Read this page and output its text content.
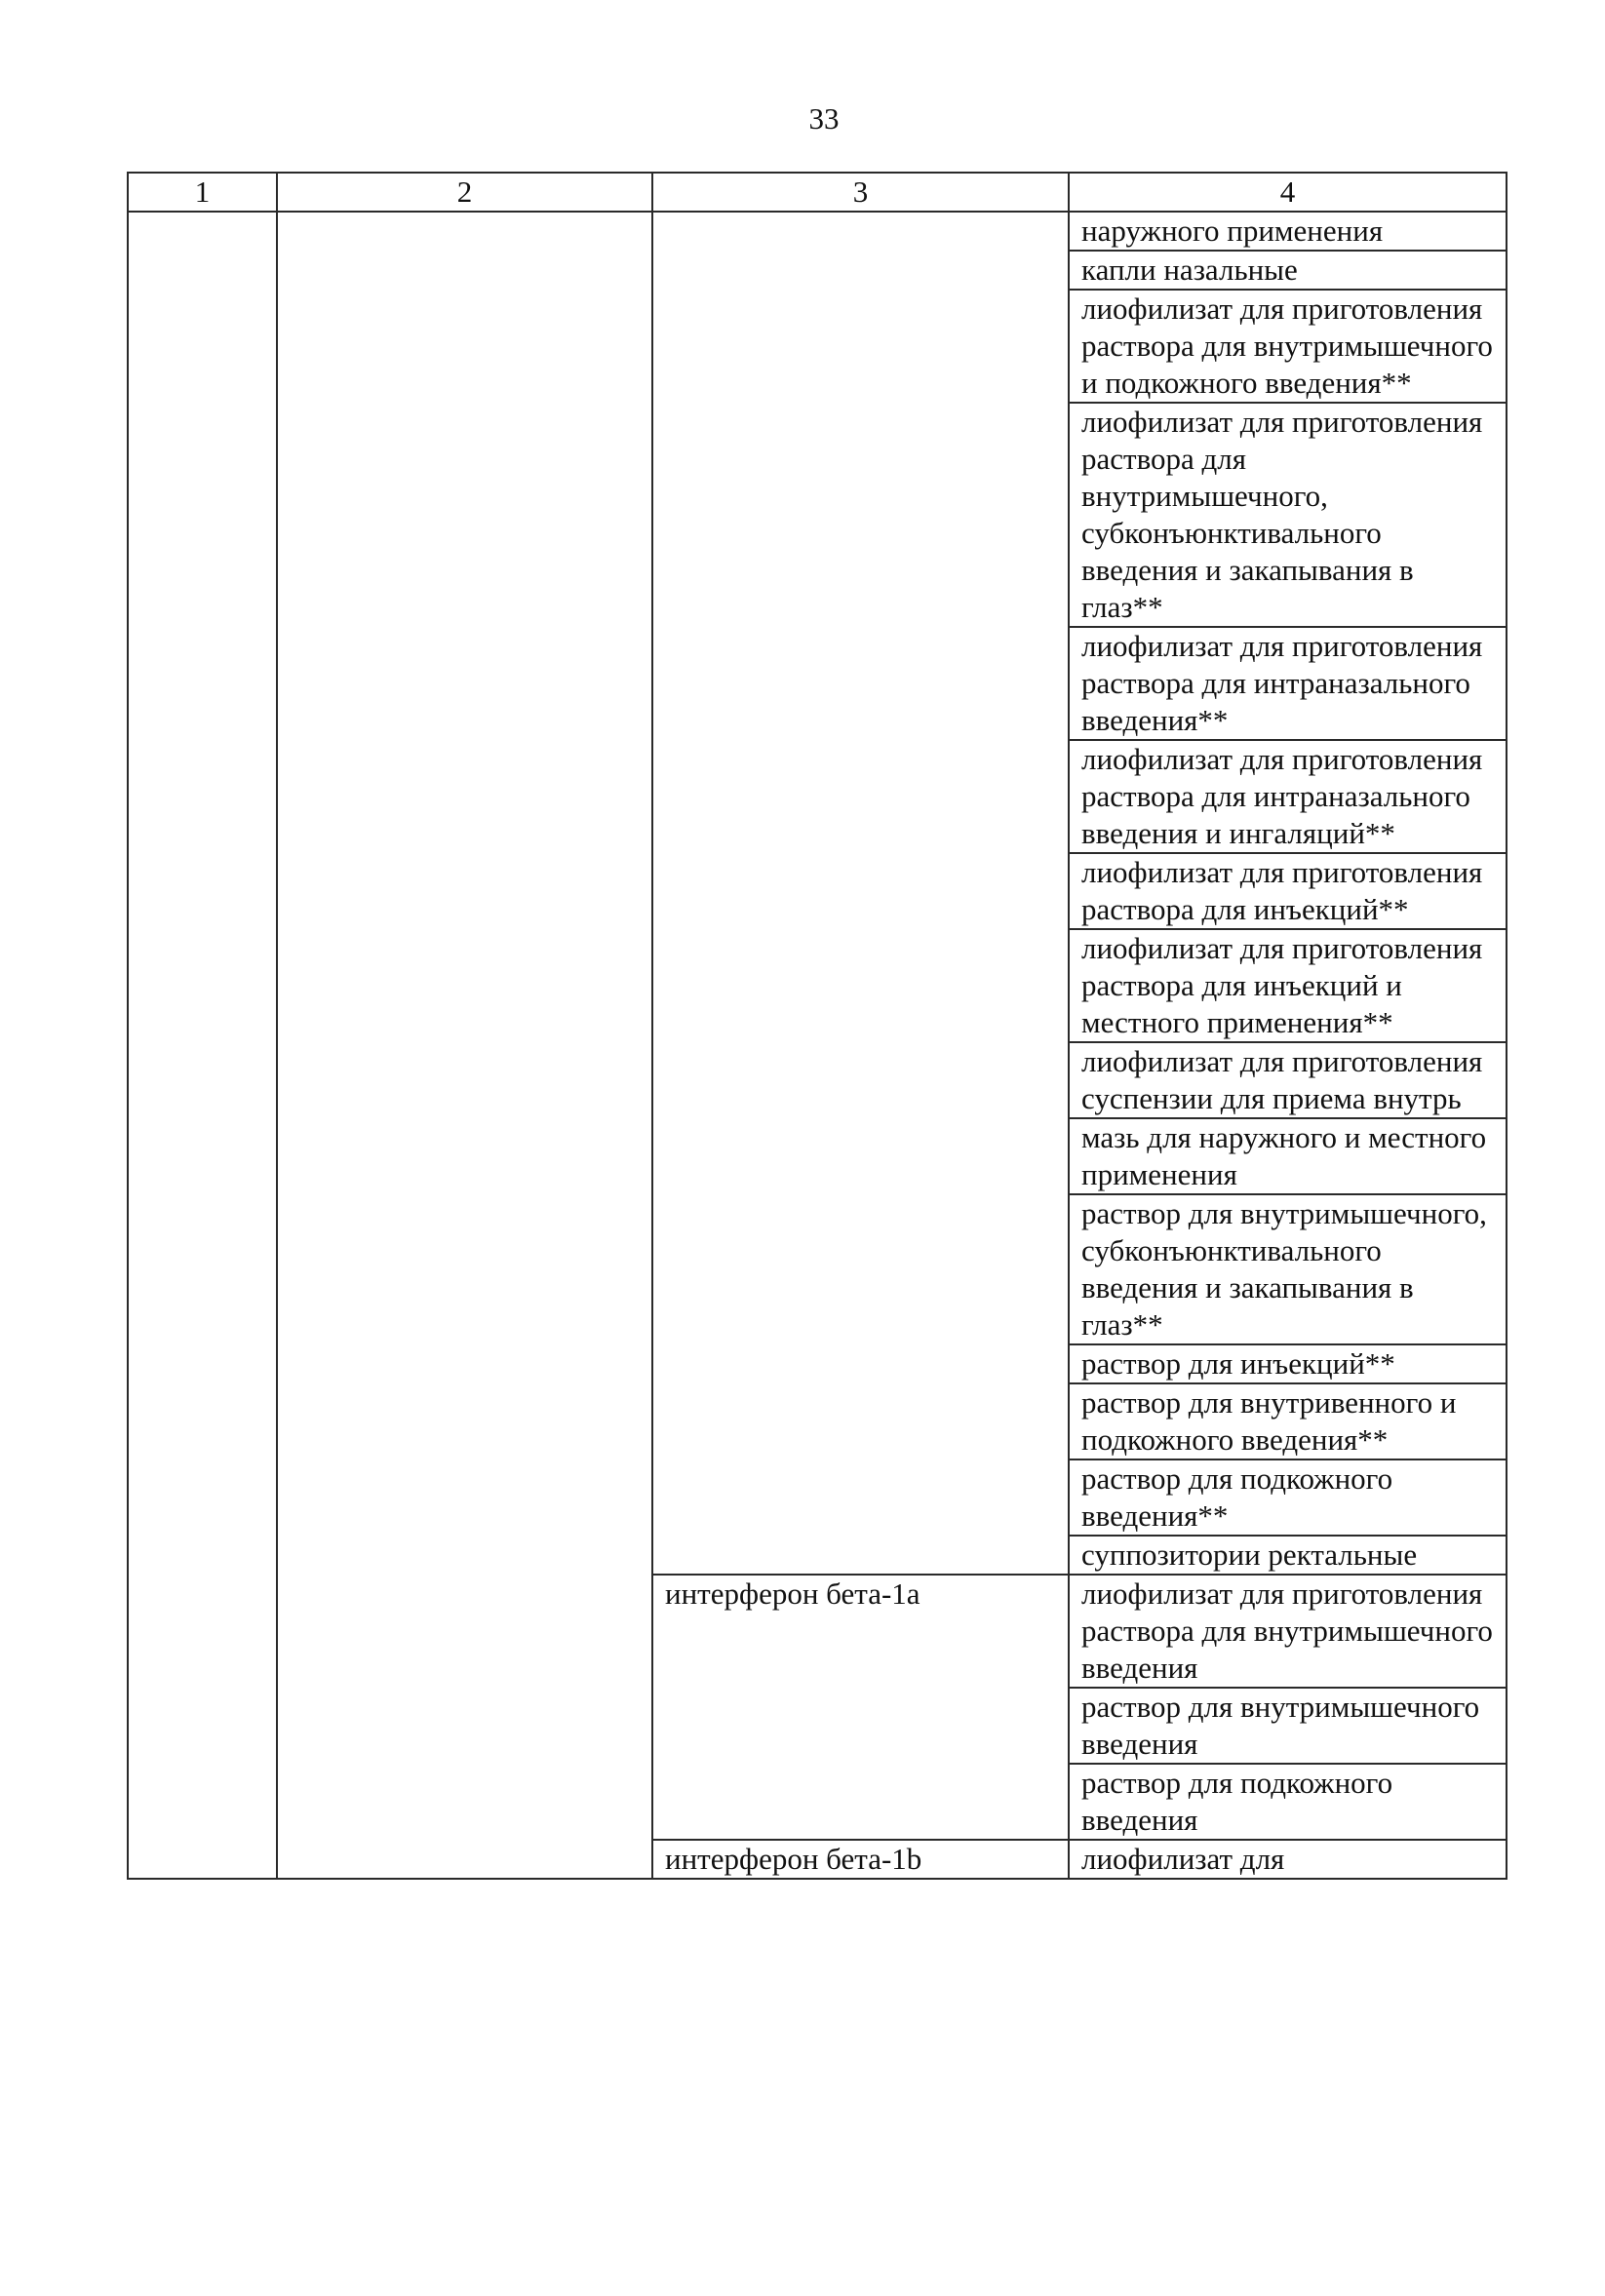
33
1	2	3	4
			наружного применения
			капли назальные
			лиофилизат для приготовления раствора для внутримышечного и подкожного введения**
			лиофилизат для приготовления раствора для внутримышечного, субконъюнктивального введения и закапывания в глаз**
			лиофилизат для приготовления раствора для интраназального введения**
			лиофилизат для приготовления раствора для интраназального введения и ингаляций**
			лиофилизат для приготовления раствора для инъекций**
			лиофилизат для приготовления раствора для инъекций и местного применения**
			лиофилизат для приготовления суспензии для приема внутрь
			мазь для наружного и местного применения
			раствор для внутримышечного, субконъюнктивального введения и закапывания в глаз**
			раствор для инъекций**
			раствор для внутривенного и подкожного введения**
			раствор для подкожного введения**
			суппозитории ректальные
		интерферон бета-1a	лиофилизат для приготовления раствора для внутримышечного введения
			раствор для внутримышечного введения
			раствор для подкожного введения
		интерферон бета-1b	лиофилизат для
